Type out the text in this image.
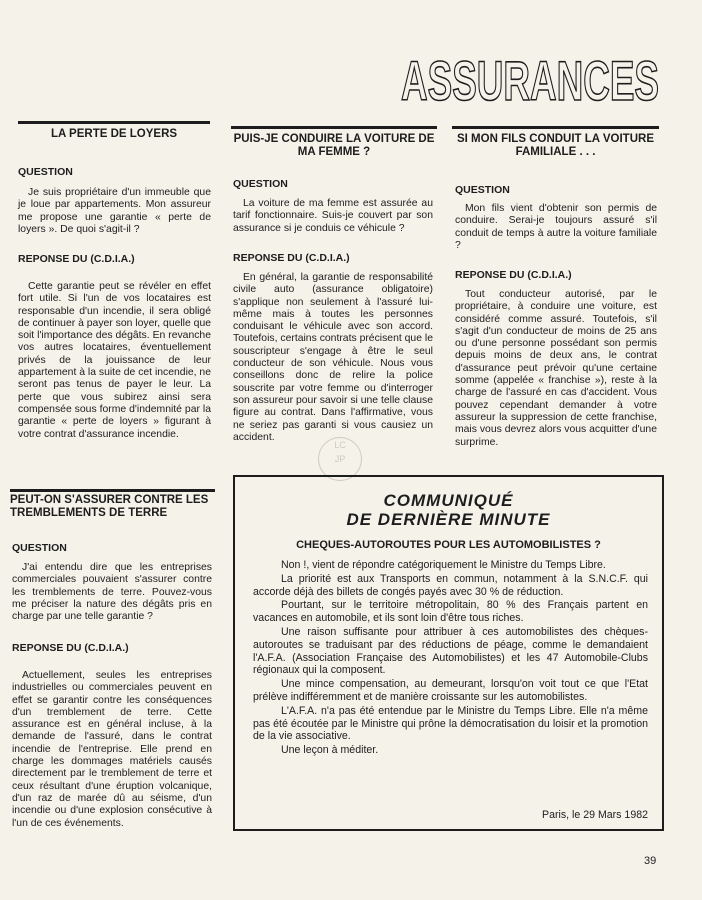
ASSURANCES
LA PERTE DE LOYERS
QUESTION

Je suis propriétaire d'un immeuble que je loue par appartements. Mon assureur me propose une garantie « perte de loyers ». De quoi s'agit-il ?

REPONSE DU (C.D.I.A.)

Cette garantie peut se révéler en effet fort utile. Si l'un de vos locataires est responsable d'un incendie, il sera obligé de continuer à payer son loyer, quelle que soit l'importance des dégâts. En revanche vos autres locataires, éventuellement privés de la jouissance de leur appartement à la suite de cet incendie, ne seront pas tenus de payer le leur. La perte que vous subirez ainsi sera compensée sous forme d'indemnité par la garantie « perte de loyers » figurant à votre contrat d'assurance incendie.

PUIS-JE CONDUIRE LA VOITURE DE MA FEMME ?
QUESTION

La voiture de ma femme est assurée au tarif fonctionnaire. Suis-je couvert par son assurance si je conduis ce véhicule ?

REPONSE DU (C.D.I.A.)

En général, la garantie de responsabilité civile auto (assurance obligatoire) s'applique non seulement à l'assuré lui-même mais à toutes les personnes conduisant le véhicule avec son accord. Toutefois, certains contrats précisent que le souscripteur s'engage à être le seul conducteur de son véhicule. Nous vous conseillons donc de relire la police souscrite par votre femme ou d'interroger son assureur pour savoir si une telle clause figure au contrat. Dans l'affirmative, vous ne seriez pas garanti si vous causiez un accident.

SI MON FILS CONDUIT LA VOITURE FAMILIALE . . .
QUESTION

Mon fils vient d'obtenir son permis de conduire. Serai-je toujours assuré s'il conduit de temps à autre la voiture familiale ?

REPONSE DU (C.D.I.A.)

Tout conducteur autorisé, par le propriétaire, à conduire une voiture, est considéré comme assuré. Toutefois, s'il s'agit d'un conducteur de moins de 25 ans ou d'une personne possédant son permis depuis moins de deux ans, le contrat d'assurance peut prévoir qu'une certaine somme (appelée « franchise »), reste à la charge de l'assuré en cas d'accident. Vous pouvez cependant demander à votre assureur la suppression de cette franchise, mais vous devrez alors vous acquitter d'une surprime.

PEUT-ON S'ASSURER CONTRE LES TREMBLEMENTS DE TERRE
QUESTION

J'ai entendu dire que les entreprises commerciales pouvaient s'assurer contre les tremblements de terre. Pouvez-vous me préciser la nature des dégâts pris en charge par une telle garantie ?

REPONSE DU (C.D.I.A.)

Actuellement, seules les entreprises industrielles ou commerciales peuvent en effet se garantir contre les conséquences d'un tremblement de terre. Cette assurance est en général incluse, à la demande de l'assuré, dans le contrat incendie de l'entreprise. Elle prend en charge les dommages matériels causés directement par le tremblement de terre et ceux résultant d'une éruption volcanique, d'un raz de marée dû au séisme, d'un incendie ou d'une explosion consécutive à l'un de ces événements.

LC
JP
COMMUNIQUÉ
DE DERNIÈRE MINUTE
CHEQUES-AUTOROUTES POUR LES AUTOMOBILISTES ?

Non !, vient de répondre catégoriquement le Ministre du Temps Libre.

La priorité est aux Transports en commun, notamment à la S.N.C.F. qui accorde déjà des billets de congés payés avec 30 % de réduction.

Pourtant, sur le territoire métropolitain, 80 % des Français partent en vacances en automobile, et ils sont loin d'être tous riches.

Une raison suffisante pour attribuer à ces automobilistes des chèques-autoroutes se traduisant par des réductions de péage, comme le demandaient l'A.F.A. (Association Française des Automobilistes) et les 47 Automobile-Clubs régionaux qui la composent.

Une mince compensation, au demeurant, lorsqu'on voit tout ce que l'Etat prélève indifféremment et de manière croissante sur les automobilistes.

L'A.F.A. n'a pas été entendue par le Ministre du Temps Libre. Elle n'a même pas été écoutée par le Ministre qui prône la démocratisation du loisir et la promotion de la vie associative.

Une leçon à méditer.

Paris, le 29 Mars 1982
39
